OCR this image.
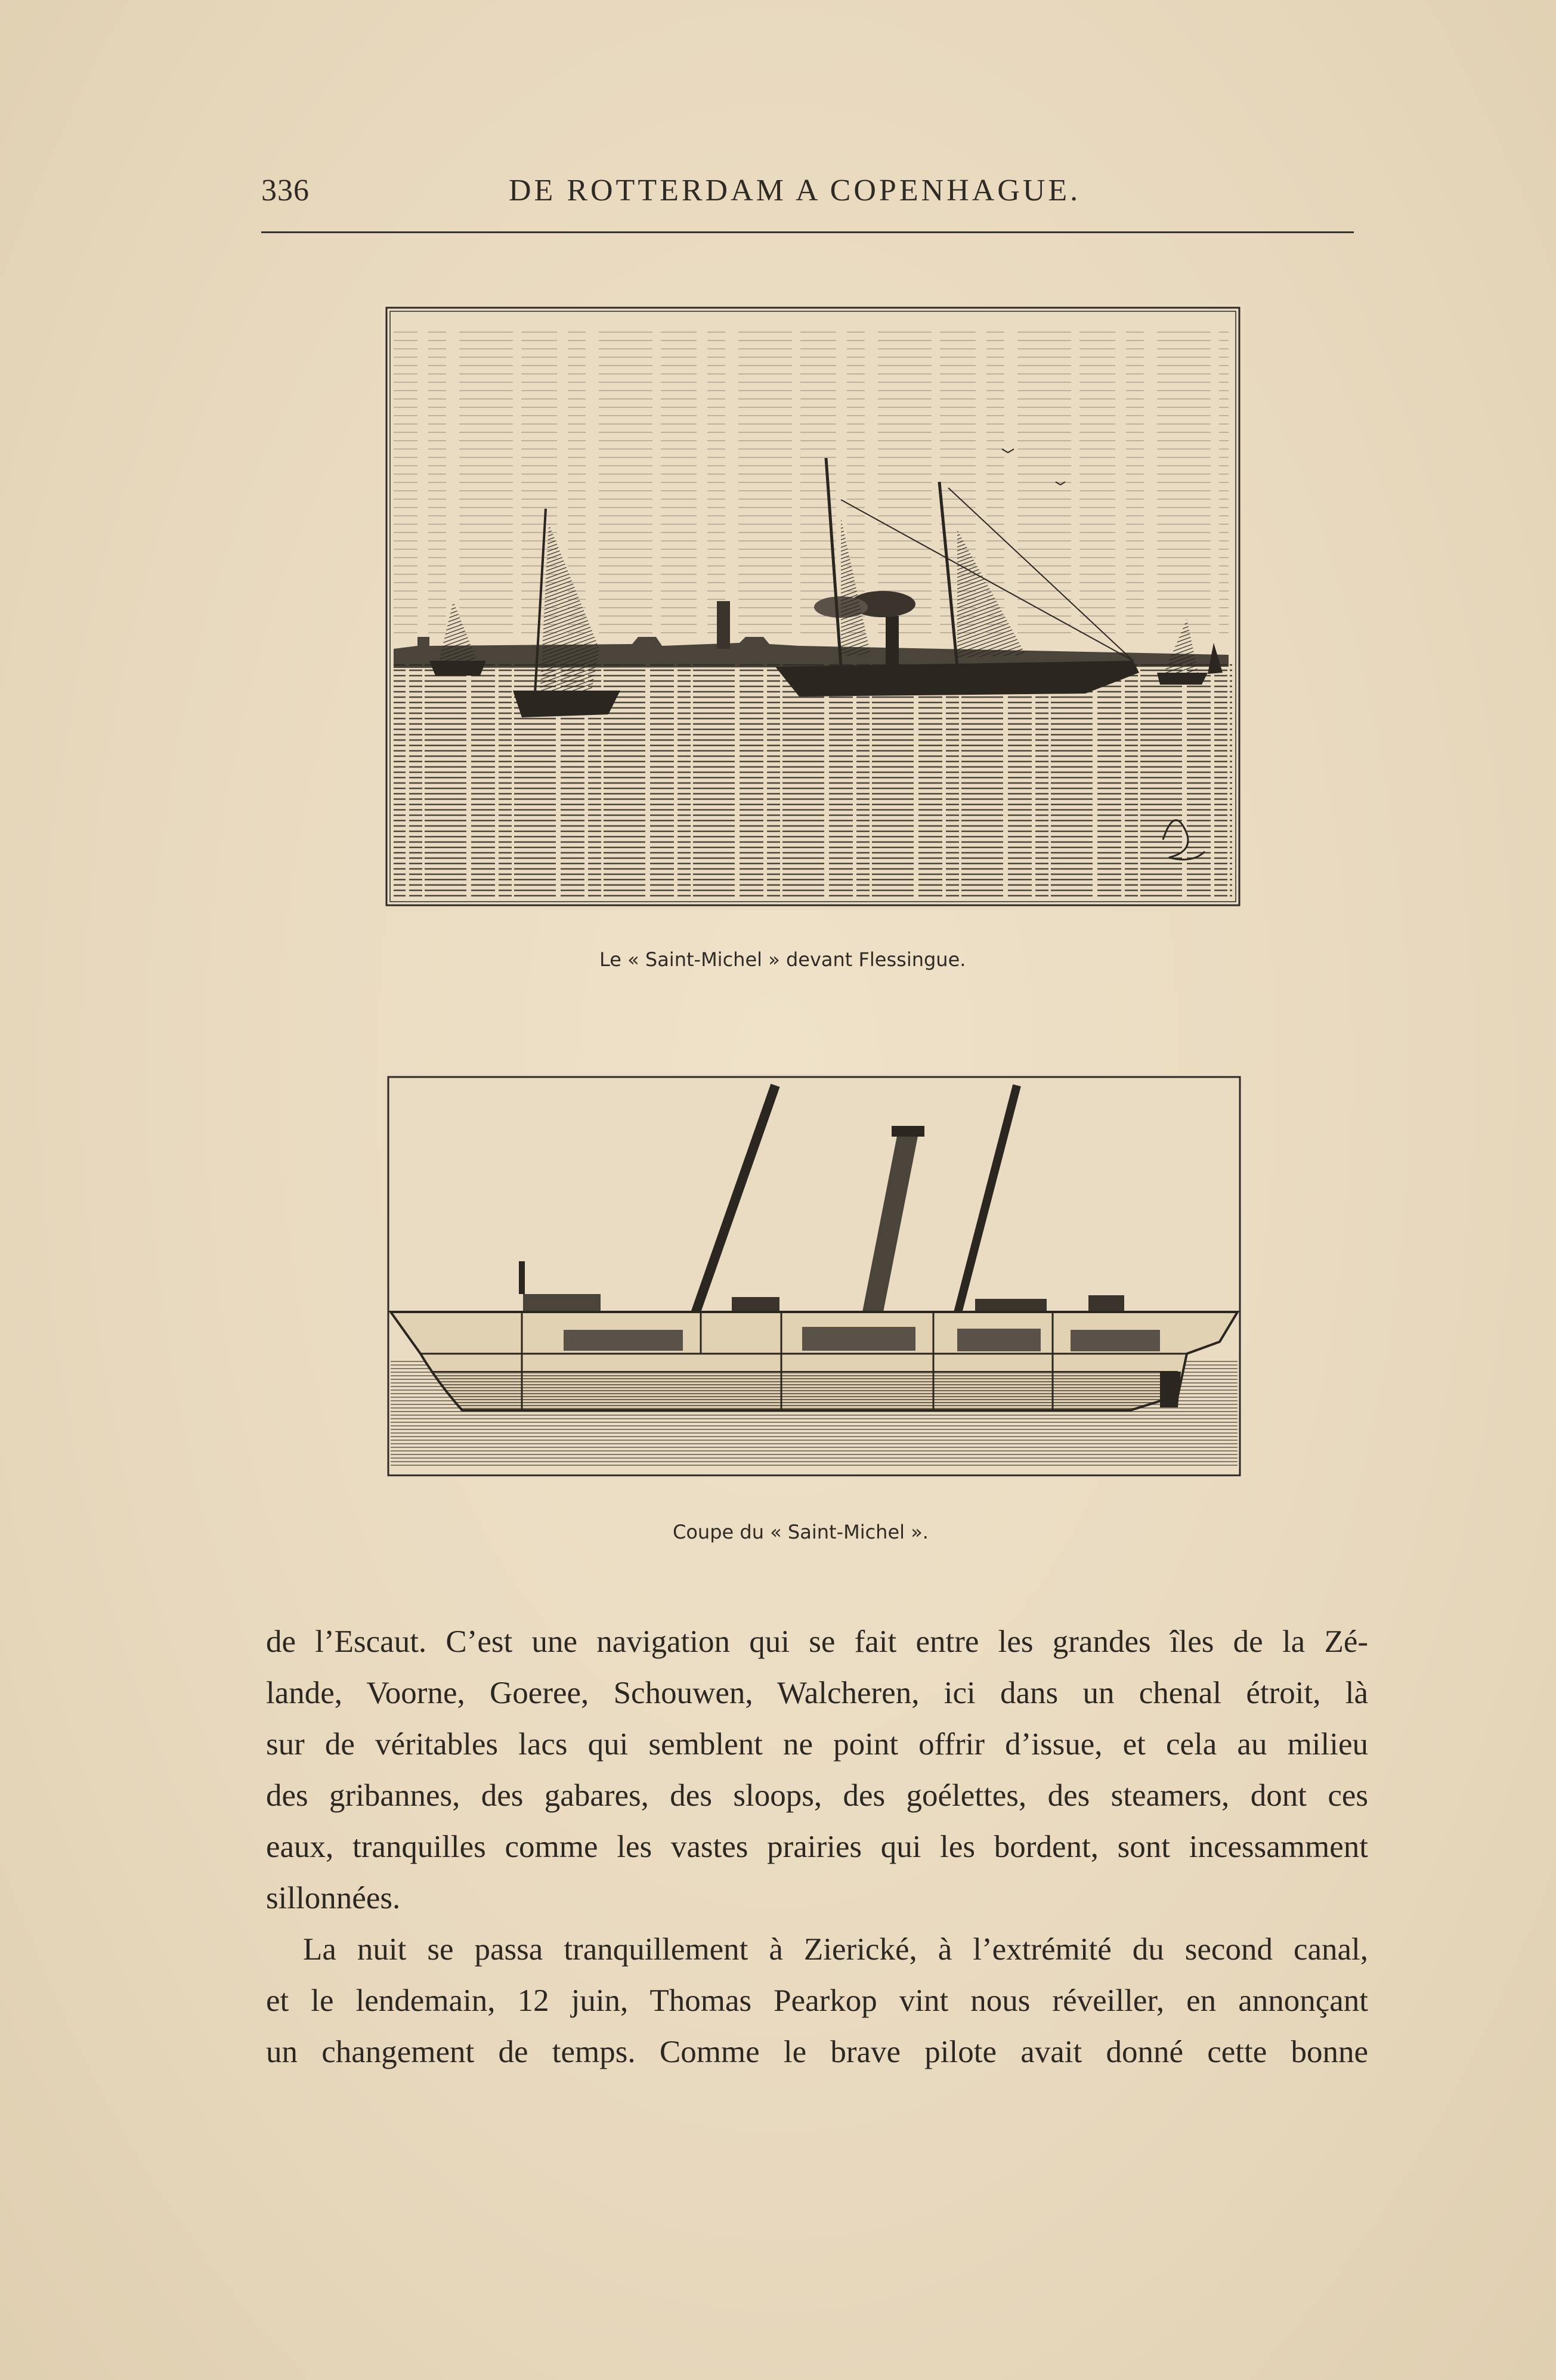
336	DE ROTTERDAM A COPENHAGUE.
Le « Saint-Michel » devant Flessingue.
Coupe du « Saint-Michel ».

de l’Escaut. C’est une navigation qui se fait entre les grandes îles de la Zé-
lande, Voorne, Goeree, Schouwen, Walcheren, ici dans un chenal étroit, là
sur de véritables lacs qui semblent ne point offrir d’issue, et cela au milieu
des gribannes, des gabares, des sloops, des goélettes, des steamers, dont ces
eaux, tranquilles comme les vastes prairies qui les bordent, sont incessamment
sillonnées.

La nuit se passa tranquillement à Zierické, à l’extrémité du second canal,
et le lendemain, 12 juin, Thomas Pearkop vint nous réveiller, en annonçant
un changement de temps. Comme le brave pilote avait donné cette bonne
